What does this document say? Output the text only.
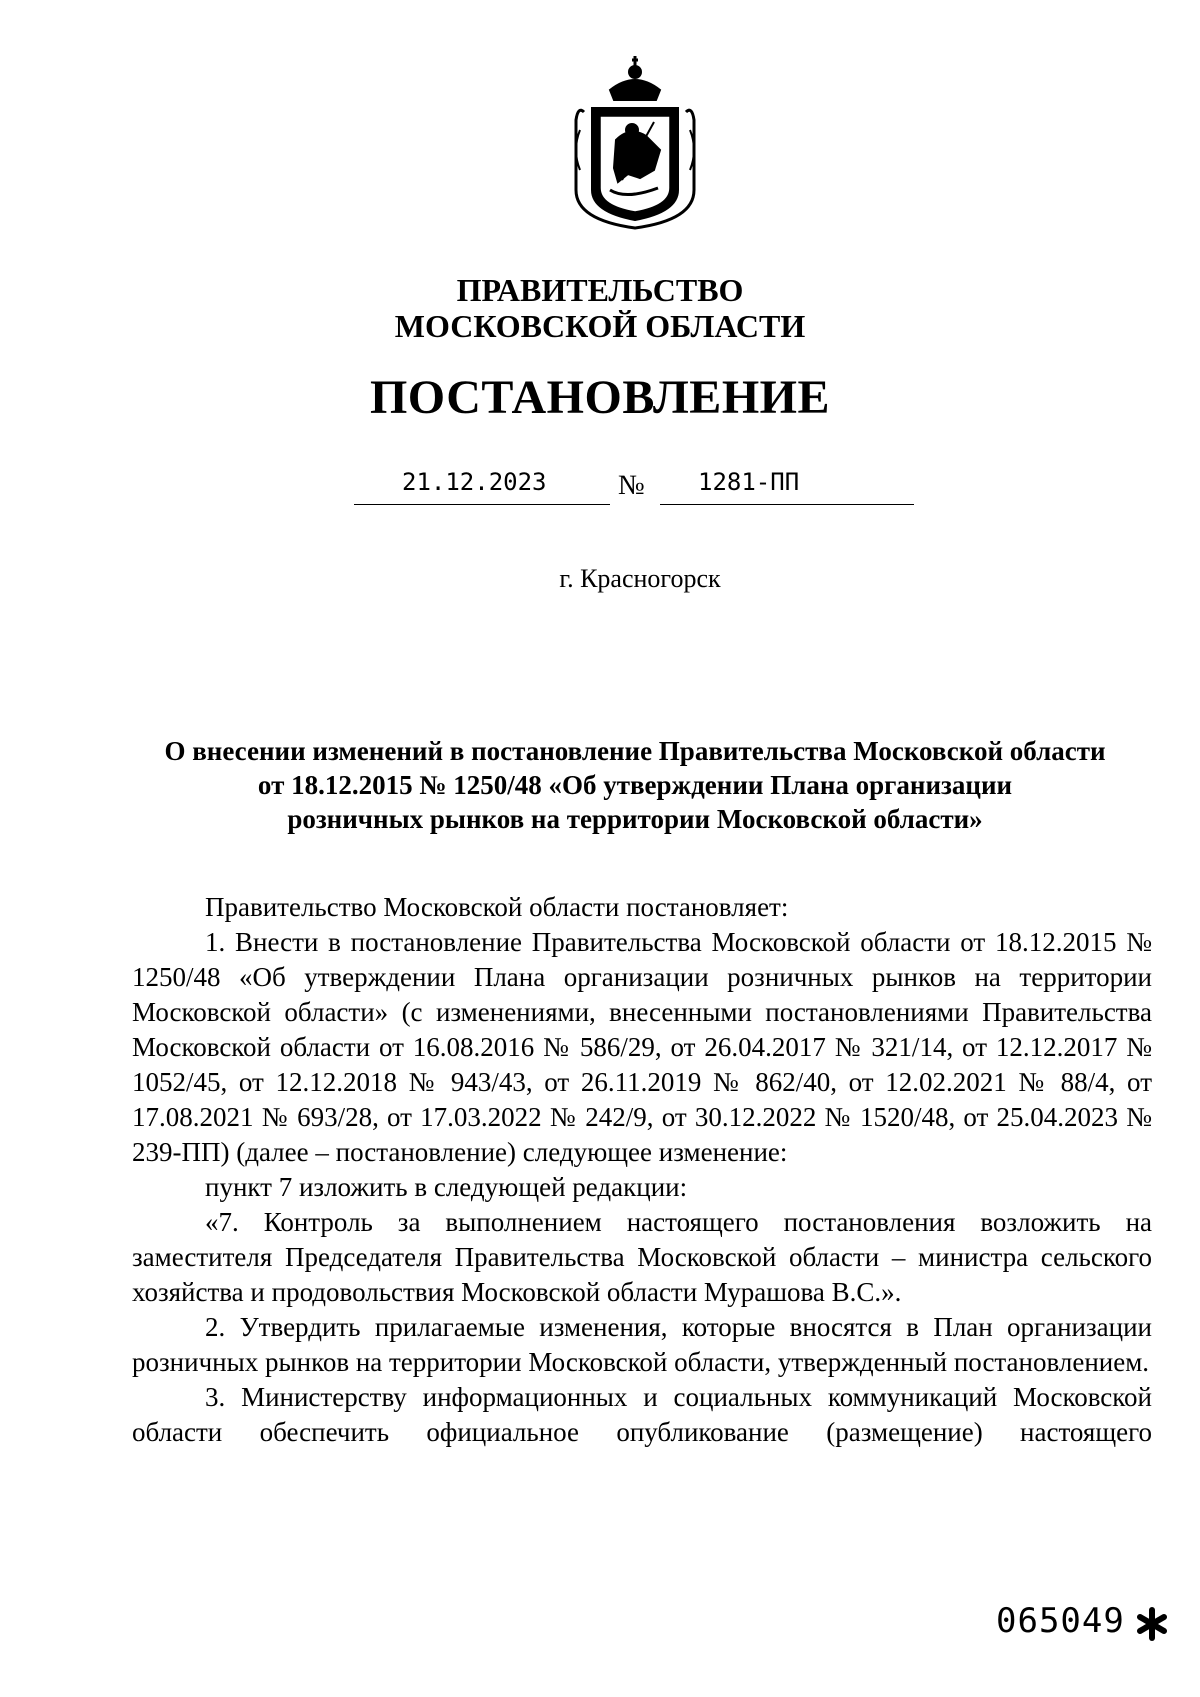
ПРАВИТЕЛЬСТВО
МОСКОВСКОЙ ОБЛАСТИ
ПОСТАНОВЛЕНИЕ
21.12.2023	№ 1281-ПП
г. Красногорск
О внесении изменений в постановление Правительства Московской области
от 18.12.2015 № 1250/48 «Об утверждении Плана организации
розничных рынков на территории Московской области»

Правительство Московской области постановляет:

1. Внести в постановление Правительства Московской области от 18.12.2015 № 1250/48 «Об утверждении Плана организации розничных рынков на территории Московской области» (с изменениями, внесенными постановлениями Правительства Московской области от 16.08.2016 № 586/29, от 26.04.2017 № 321/14, от 12.12.2017 № 1052/45, от 12.12.2018 № 943/43, от 26.11.2019 № 862/40, от 12.02.2021 № 88/4, от 17.08.2021 № 693/28, от 17.03.2022 № 242/9, от 30.12.2022 № 1520/48, от 25.04.2023 № 239-ПП) (далее – постановление) следующее изменение:

пункт 7 изложить в следующей редакции:

«7. Контроль за выполнением настоящего постановления возложить на заместителя Председателя Правительства Московской области – министра сельского хозяйства и продовольствия Московской области Мурашова В.С.».

2. Утвердить прилагаемые изменения, которые вносятся в План организации розничных рынков на территории Московской области, утвержденный постановлением.

3. Министерству информационных и социальных коммуникаций Московской области обеспечить официальное опубликование (размещение) настоящего

065049
